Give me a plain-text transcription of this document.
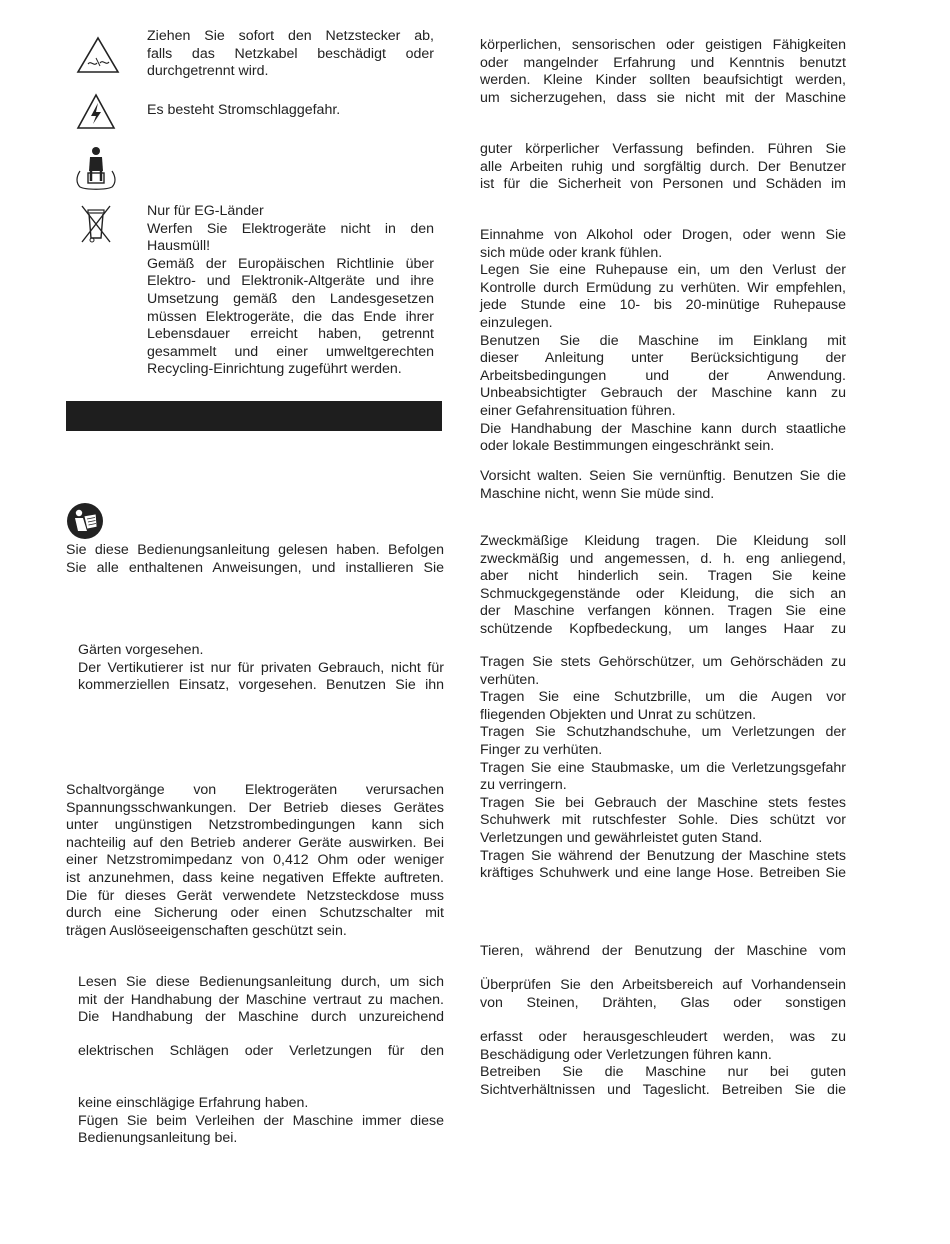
Ziehen Sie sofort den Netzstecker ab,
falls das Netzkabel beschädigt oder
durchgetrennt wird.
Es besteht Stromschlaggefahr.
Nur für EG-Länder
Werfen Sie Elektrogeräte nicht in den
Hausmüll!
Gemäß der Europäischen Richtlinie über
Elektro- und Elektronik-Altgeräte und ihre
Umsetzung gemäß den Landesgesetzen
müssen Elektrogeräte, die das Ende ihrer
Lebensdauer erreicht haben, getrennt
gesammelt und einer umweltgerechten
Recycling-Einrichtung zugeführt werden.
Sie diese Bedienungsanleitung gelesen haben. Befolgen
Sie alle enthaltenen Anweisungen, und installieren Sie
Gärten vorgesehen.
Der Vertikutierer ist nur für privaten Gebrauch, nicht für
kommerziellen Einsatz, vorgesehen. Benutzen Sie ihn
Schaltvorgänge von Elektrogeräten verursachen
Spannungsschwankungen. Der Betrieb dieses Gerätes
unter ungünstigen Netzstrombedingungen kann sich
nachteilig auf den Betrieb anderer Geräte auswirken. Bei
einer Netzstromimpedanz von 0,412 Ohm oder weniger
ist anzunehmen, dass keine negativen Effekte auftreten.
Die für dieses Gerät verwendete Netzsteckdose muss
durch eine Sicherung oder einen Schutzschalter mit
trägen Auslöseeigenschaften geschützt sein.
Lesen Sie diese Bedienungsanleitung durch, um sich
mit der Handhabung der Maschine vertraut zu machen.
Die Handhabung der Maschine durch unzureichend
elektrischen Schlägen oder Verletzungen für den
keine einschlägige Erfahrung haben.
Fügen Sie beim Verleihen der Maschine immer diese
Bedienungsanleitung bei.
körperlichen, sensorischen oder geistigen Fähigkeiten
oder mangelnder Erfahrung und Kenntnis benutzt
werden. Kleine Kinder sollten beaufsichtigt werden,
um sicherzugehen, dass sie nicht mit der Maschine
guter körperlicher Verfassung befinden. Führen Sie
alle Arbeiten ruhig und sorgfältig durch. Der Benutzer
ist für die Sicherheit von Personen und Schäden im
Einnahme von Alkohol oder Drogen, oder wenn Sie
sich müde oder krank fühlen.
Legen Sie eine Ruhepause ein, um den Verlust der
Kontrolle durch Ermüdung zu verhüten. Wir empfehlen,
jede Stunde eine 10- bis 20-minütige Ruhepause
einzulegen.
Benutzen Sie die Maschine im Einklang mit
dieser Anleitung unter Berücksichtigung der
Arbeitsbedingungen und der Anwendung.
Unbeabsichtigter Gebrauch der Maschine kann zu
einer Gefahrensituation führen.
Die Handhabung der Maschine kann durch staatliche
oder lokale Bestimmungen eingeschränkt sein.
Vorsicht walten. Seien Sie vernünftig. Benutzen Sie die
Maschine nicht, wenn Sie müde sind.
Zweckmäßige Kleidung tragen. Die Kleidung soll
zweckmäßig und angemessen, d. h. eng anliegend,
aber nicht hinderlich sein. Tragen Sie keine
Schmuckgegenstände oder Kleidung, die sich an
der Maschine verfangen können. Tragen Sie eine
schützende Kopfbedeckung, um langes Haar zu
Tragen Sie stets Gehörschützer, um Gehörschäden zu
verhüten.
Tragen Sie eine Schutzbrille, um die Augen vor
fliegenden Objekten und Unrat zu schützen.
Tragen Sie Schutzhandschuhe, um Verletzungen der
Finger zu verhüten.
Tragen Sie eine Staubmaske, um die Verletzungsgefahr
zu verringern.
Tragen Sie bei Gebrauch der Maschine stets festes
Schuhwerk mit rutschfester Sohle. Dies schützt vor
Verletzungen und gewährleistet guten Stand.
Tragen Sie während der Benutzung der Maschine stets
kräftiges Schuhwerk und eine lange Hose. Betreiben Sie
Tieren, während der Benutzung der Maschine vom
Überprüfen Sie den Arbeitsbereich auf Vorhandensein
von Steinen, Drähten, Glas oder sonstigen
erfasst oder herausgeschleudert werden, was zu
Beschädigung oder Verletzungen führen kann.
Betreiben Sie die Maschine nur bei guten
Sichtverhältnissen und Tageslicht. Betreiben Sie die
